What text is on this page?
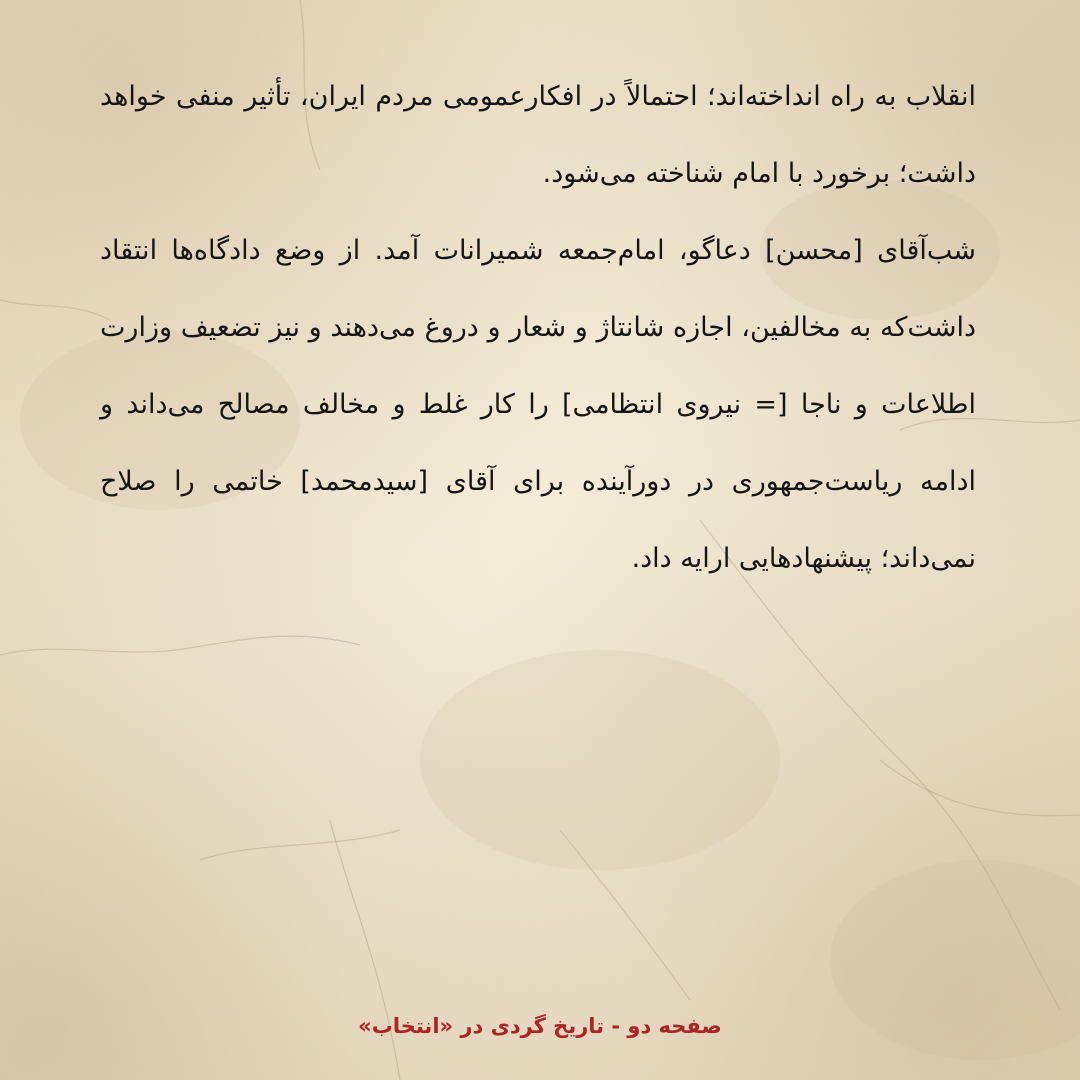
انقلاب به راه انداخته‌اند؛ احتمالاً در افکارعمومی مردم ایران، تأثیر منفی خواهد داشت؛ برخورد با امام شناخته می‌شود.

شب‌آقای [محسن] دعاگو، امام‌جمعه شمیرانات آمد. از وضع دادگاه‌ها انتقاد داشت‌که به مخالفین، اجازه شانتاژ و شعار و دروغ می‌دهند و نیز تضعیف وزارت اطلاعات و ناجا [= نیروی انتظامی] را کار غلط و مخالف مصالح می‌داند و ادامه ریاست‌جمهوری در دورآینده برای آقای [سیدمحمد] خاتمی را صلاح نمی‌داند؛ پیشنهادهایی ارایه داد.

صفحه دو - تاریخ گردی در «انتخاب»
